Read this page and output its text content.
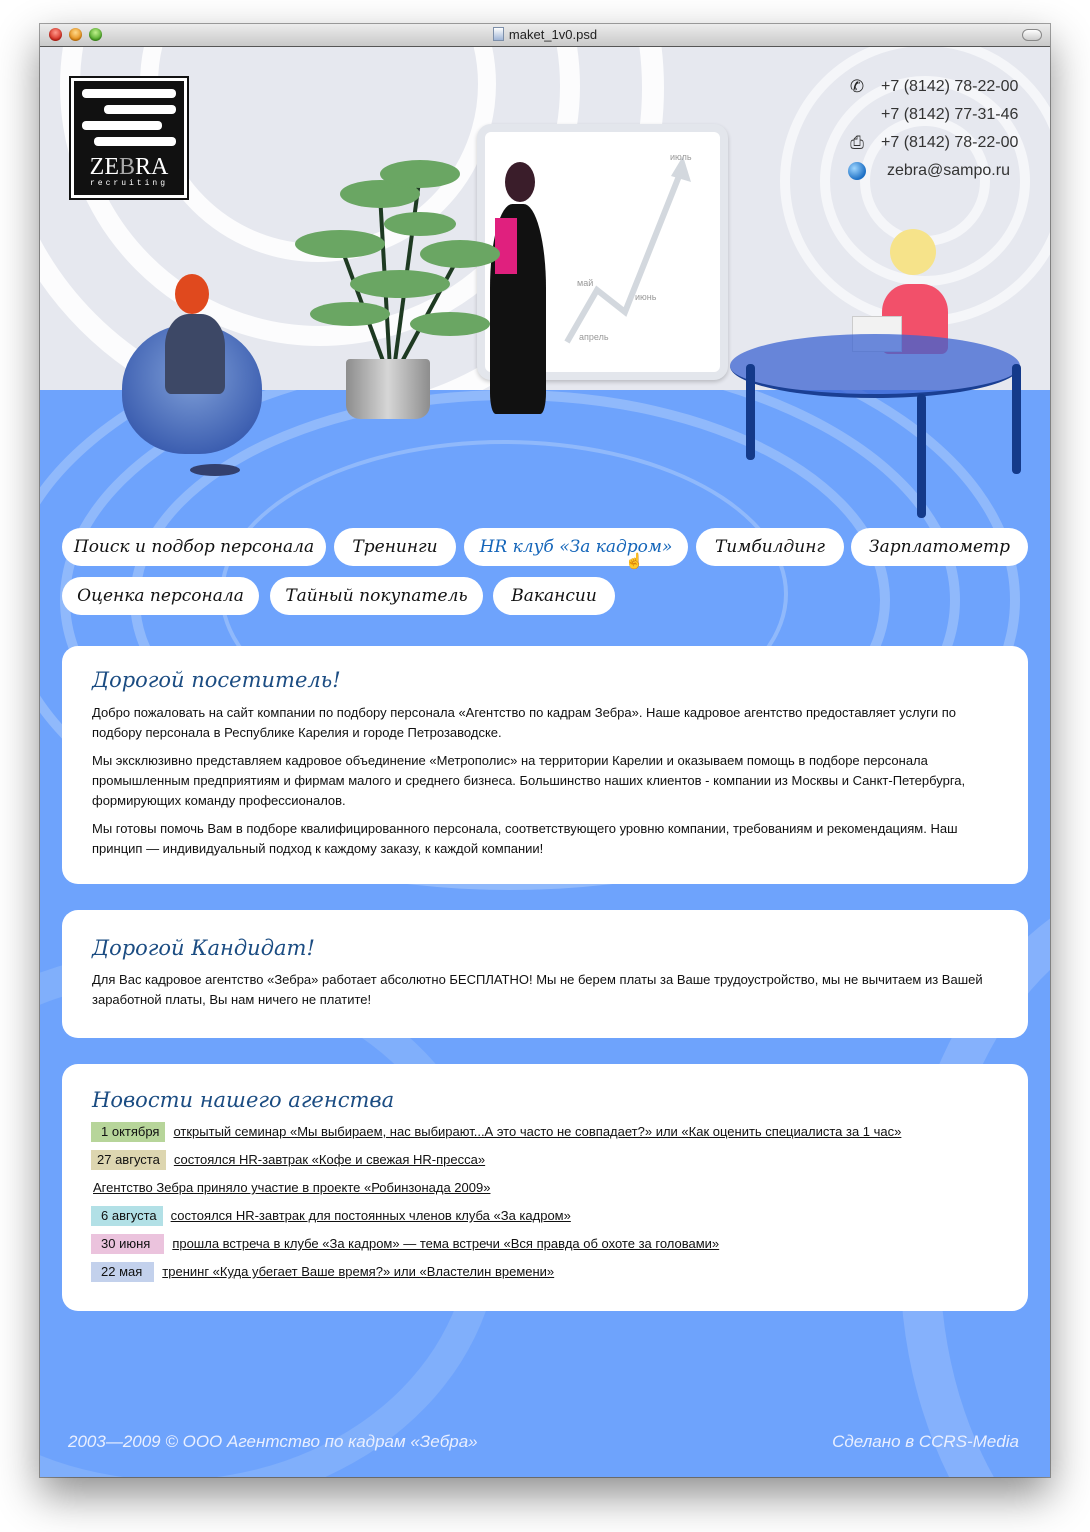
maket_1v0.psd
ZEBRA
recruiting
✆ +7 (8142) 78-22-00
+7 (8142) 77-31-46
⎙ +7 (8142) 78-22-00
zebra@sampo.ru
апрель
май
июнь
июль
Поиск и подбор персонала	Тренинги	HR клуб «За кадром»	Тимбилдинг	Зарплатометр
Оценка персонала	Тайный покупатель	Вакансии
☝
Дорогой посетитель!

Добро пожаловать на сайт компании по подбору персонала «Агентство по кадрам Зебра». Наше кадровое агентство предоставляет услуги по подбору персонала в Республике Карелия и городе Петрозаводске.

Мы эксклюзивно представляем кадровое объединение «Метрополис» на территории Карелии и оказываем помощь в подборе персонала промышленным предприятиям и фирмам малого и среднего бизнеса. Большинство наших клиентов - компании из Москвы и Санкт-Петербурга, формирующих команду профессионалов.

Мы готовы помочь Вам в подборе квалифицированного персонала, соответствующего уровню компании, требованиям и рекомендациям. Наш принцип — индивидуальный подход к каждому заказу, к каждой компании!

Дорогой Кандидат!

Для Вас кадровое агентство «Зебра» работает абсолютно БЕСПЛАТНО! Мы не берем платы за Ваше трудоустройство, мы не вычитаем из Вашей заработной платы, Вы нам ничего не платите!

Новости нашего агенства
1 октября открытый семинар «Мы выбираем, нас выбирают...А это часто не совпадает?» или «Как оценить специалиста за 1 час»
27 августа состоялся HR-завтрак «Кофе и свежая HR-пресса»
Агентство Зебра приняло участие в проекте «Робинзонада 2009»
6 августа состоялся HR-завтрак для постоянных членов клуба «За кадром»
30 июня прошла встреча в клубе «За кадром» — тема встречи «Вся правда об охоте за головами»
22 мая тренинг «Куда убегает Ваше время?» или «Властелин времени»
2003—2009 © ООО Агентство по кадрам «Зебра»	Сделано в CCRS-Media
